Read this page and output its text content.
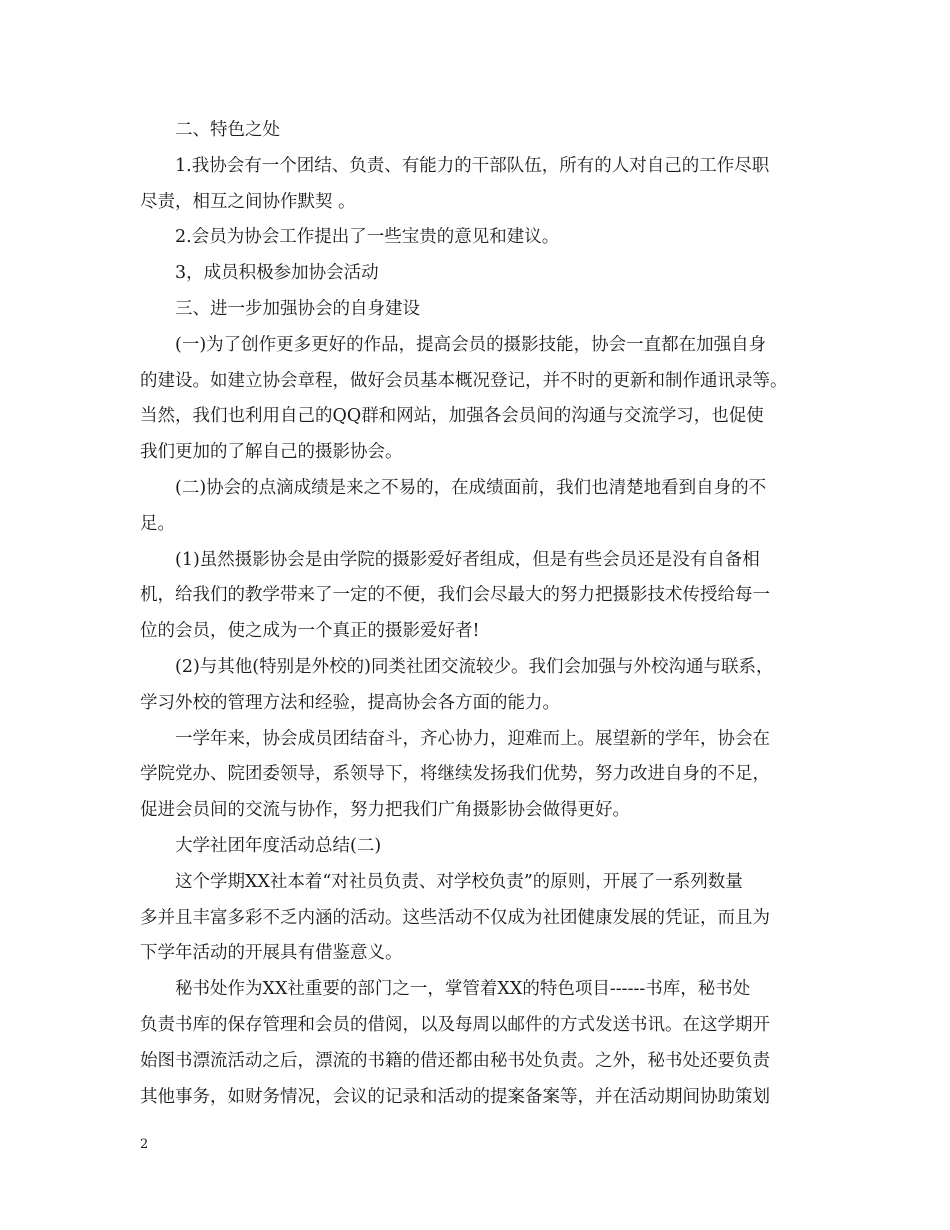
二、特色之处
1.我协会有一个团结、负责、有能力的干部队伍，所有的人对自己的工作尽职
尽责，相互之间协作默契 。
2.会员为协会工作提出了一些宝贵的意见和建议。
3，成员积极参加协会活动
三、进一步加强协会的自身建设
(一)为了创作更多更好的作品，提高会员的摄影技能，协会一直都在加强自身
的建设。如建立协会章程，做好会员基本概况登记，并不时的更新和制作通讯录等。
当然，我们也利用自己的QQ群和网站，加强各会员间的沟通与交流学习，也促使
我们更加的了解自己的摄影协会。
(二)协会的点滴成绩是来之不易的，在成绩面前，我们也清楚地看到自身的不
足。
(1)虽然摄影协会是由学院的摄影爱好者组成，但是有些会员还是没有自备相
机，给我们的教学带来了一定的不便，我们会尽最大的努力把摄影技术传授给每一
位的会员，使之成为一个真正的摄影爱好者!
(2)与其他(特别是外校的)同类社团交流较少。我们会加强与外校沟通与联系，
学习外校的管理方法和经验，提高协会各方面的能力。
一学年来，协会成员团结奋斗，齐心协力，迎难而上。展望新的学年，协会在
学院党办、院团委领导，系领导下，将继续发扬我们优势，努力改进自身的不足，
促进会员间的交流与协作，努力把我们广角摄影协会做得更好。
大学社团年度活动总结(二)
这个学期XX社本着“对社员负责、对学校负责”的原则，开展了一系列数量
多并且丰富多彩不乏内涵的活动。这些活动不仅成为社团健康发展的凭证，而且为
下学年活动的开展具有借鉴意义。
秘书处作为XX社重要的部门之一，掌管着XX的特色项目------书库，秘书处
负责书库的保存管理和会员的借阅，以及每周以邮件的方式发送书讯。在这学期开
始图书漂流活动之后，漂流的书籍的借还都由秘书处负责。之外，秘书处还要负责
其他事务，如财务情况，会议的记录和活动的提案备案等，并在活动期间协助策划
2
